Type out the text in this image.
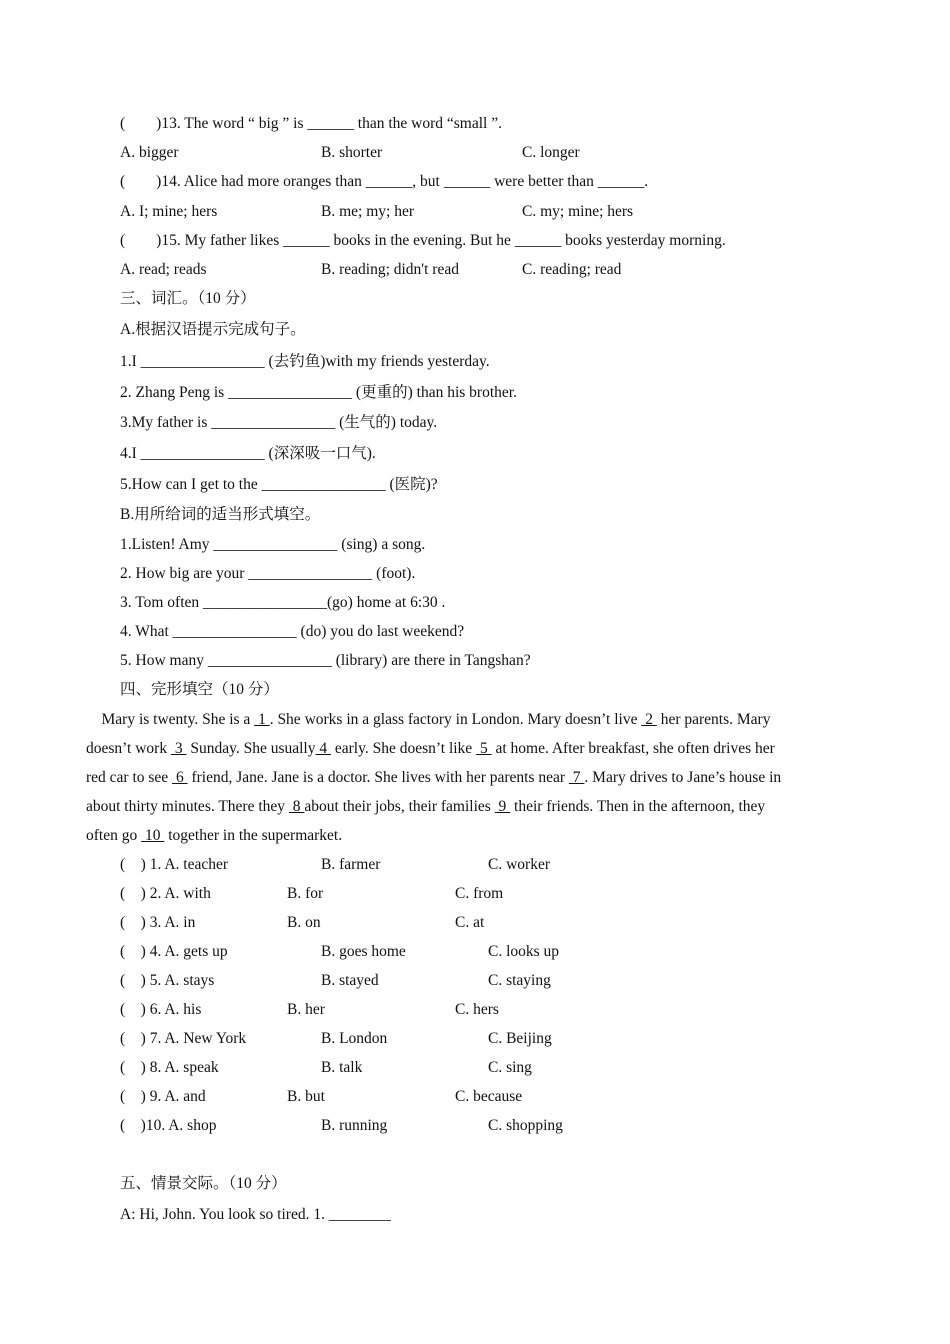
(        )13. The word “ big ” is ______ than the word “small ”.
A. bigger	B. shorter	C. longer
(        )14. Alice had more oranges than ______, but ______ were better than ______.
A. I; mine; hers	B. me; my; her	C. my; mine; hers
(        )15. My father likes ______ books in the evening. But he ______ books yesterday morning.
A. read; reads	B. reading; didn't read	C. reading; read
三、词汇。（10 分）
A.根据汉语提示完成句子。
1.I ________________ (去钓鱼)with my friends yesterday.
2. Zhang Peng is ________________ (更重的) than his brother.
3.My father is ________________ (生气的) today.
4.I ________________ (深深吸一口气).
5.How can I get to the ________________ (医院)?
B.用所给词的适当形式填空。
1.Listen! Amy ________________ (sing) a song.
2. How big are your ________________ (foot).
3. Tom often ________________(go) home at 6:30 .
4. What ________________ (do) you do last weekend?
5. How many ________________ (library) are there in Tangshan?
四、完形填空（10 分）
Mary is twenty. She is a  1 . She works in a glass factory in London. Mary doesn’t live  2  her parents. Mary
doesn’t work  3  Sunday. She usually 4  early. She doesn’t like  5  at home. After breakfast, she often drives her
red car to see  6  friend, Jane. Jane is a doctor. She lives with her parents near  7 . Mary drives to Jane’s house in
about thirty minutes. There they  8 about their jobs, their families  9  their friends. Then in the afternoon, they
often go  10  together in the supermarket.
(    ) 1. A. teacher	B. farmer	C. worker
(    ) 2. A. with	B. for	C. from
(    ) 3. A. in	B. on	C. at
(    ) 4. A. gets up	B. goes home	C. looks up
(    ) 5. A. stays	B. stayed	C. staying
(    ) 6. A. his	B. her	C. hers
(    ) 7. A. New York	B. London	C. Beijing
(    ) 8. A. speak	B. talk	C. sing
(    ) 9. A. and	B. but	C. because
(    )10. A. shop	B. running	C. shopping
五、情景交际。（10 分）
A: Hi, John. You look so tired. 1. ________
